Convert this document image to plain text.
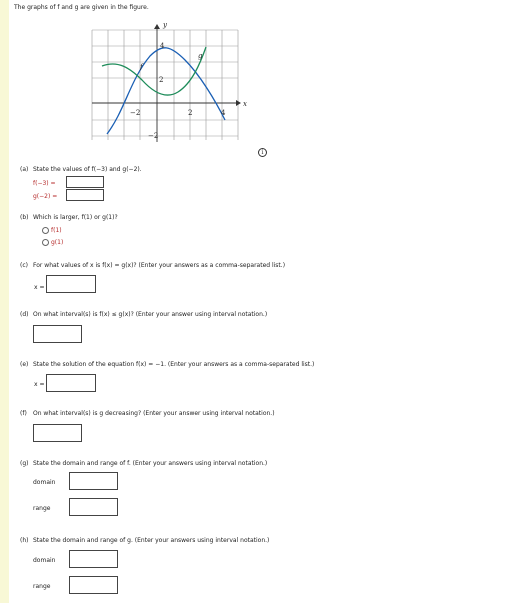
The graphs of f and g are given in the figure.
4
2
−2
−2	2	4
x
y
f
g
i
(a) State the values of f(−3) and g(−2).
f(−3) =
g(−2) =
(b) Which is larger, f(1) or g(1)?
f(1)
g(1)
(c) For what values of x is f(x) = g(x)? (Enter your answers as a comma-separated list.)
x =
(d) On what interval(s) is f(x) ≤ g(x)? (Enter your answer using interval notation.)
(e) State the solution of the equation f(x) = −1. (Enter your answers as a comma-separated list.)
x =
(f) On what interval(s) is g decreasing? (Enter your answer using interval notation.)
(g) State the domain and range of f. (Enter your answers using interval notation.)
domain
range
(h) State the domain and range of g. (Enter your answers using interval notation.)
domain
range
